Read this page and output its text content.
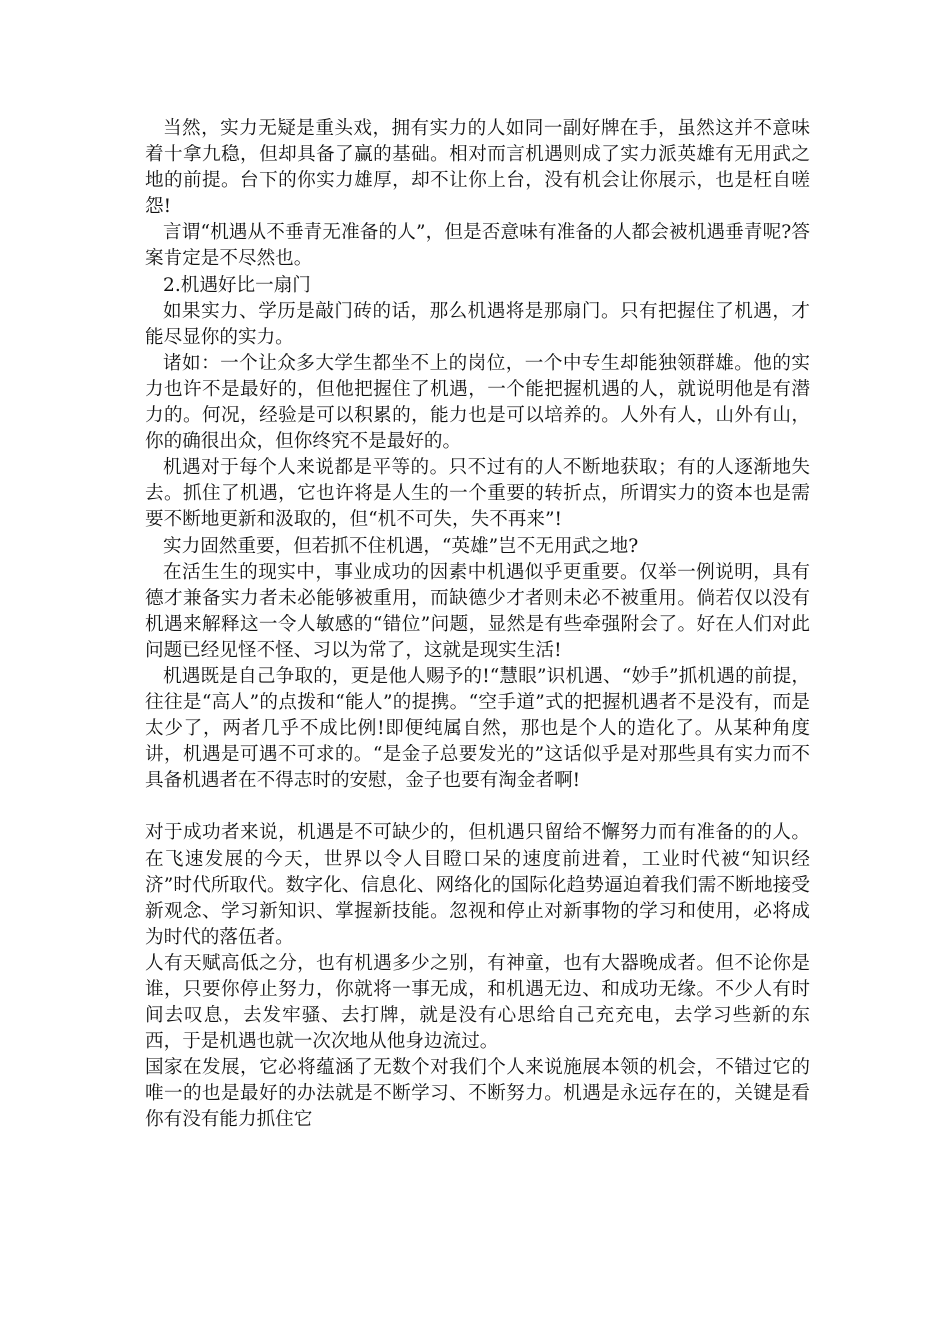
当然，实力无疑是重头戏，拥有实力的人如同一副好牌在手，虽然这并不意味着十拿九稳，但却具备了赢的基础。相对而言机遇则成了实力派英雄有无用武之地的前提。台下的你实力雄厚，却不让你上台，没有机会让你展示，也是枉自嗟怨!

言谓“机遇从不垂青无准备的人”，但是否意味有准备的人都会被机遇垂青呢?答案肯定是不尽然也。

2.机遇好比一扇门

如果实力、学历是敲门砖的话，那么机遇将是那扇门。只有把握住了机遇，才能尽显你的实力。

诸如：一个让众多大学生都坐不上的岗位，一个中专生却能独领群雄。他的实力也许不是最好的，但他把握住了机遇，一个能把握机遇的人，就说明他是有潜力的。何况，经验是可以积累的，能力也是可以培养的。人外有人，山外有山，你的确很出众，但你终究不是最好的。

机遇对于每个人来说都是平等的。只不过有的人不断地获取；有的人逐渐地失去。抓住了机遇，它也许将是人生的一个重要的转折点，所谓实力的资本也是需要不断地更新和汲取的，但“机不可失，失不再来”!

实力固然重要，但若抓不住机遇，“英雄”岂不无用武之地?

在活生生的现实中，事业成功的因素中机遇似乎更重要。仅举一例说明，具有德才兼备实力者未必能够被重用，而缺德少才者则未必不被重用。倘若仅以没有机遇来解释这一令人敏感的“错位”问题，显然是有些牵强附会了。好在人们对此问题已经见怪不怪、习以为常了，这就是现实生活!

机遇既是自己争取的，更是他人赐予的!“慧眼”识机遇、“妙手”抓机遇的前提，往往是“高人”的点拨和“能人”的提携。“空手道”式的把握机遇者不是没有，而是太少了，两者几乎不成比例!即便纯属自然，那也是个人的造化了。从某种角度讲，机遇是可遇不可求的。“是金子总要发光的”这话似乎是对那些具有实力而不具备机遇者在不得志时的安慰，金子也要有淘金者啊!

对于成功者来说，机遇是不可缺少的，但机遇只留给不懈努力而有准备的的人。在飞速发展的今天，世界以令人目瞪口呆的速度前进着，工业时代被“知识经济”时代所取代。数字化、信息化、网络化的国际化趋势逼迫着我们需不断地接受新观念、学习新知识、掌握新技能。忽视和停止对新事物的学习和使用，必将成为时代的落伍者。

人有天赋高低之分，也有机遇多少之别，有神童，也有大器晚成者。但不论你是谁，只要你停止努力，你就将一事无成，和机遇无边、和成功无缘。不少人有时间去叹息，去发牢骚、去打牌，就是没有心思给自己充充电，去学习些新的东西，于是机遇也就一次次地从他身边流过。

国家在发展，它必将蕴涵了无数个对我们个人来说施展本领的机会，不错过它的唯一的也是最好的办法就是不断学习、不断努力。机遇是永远存在的，关键是看你有没有能力抓住它
